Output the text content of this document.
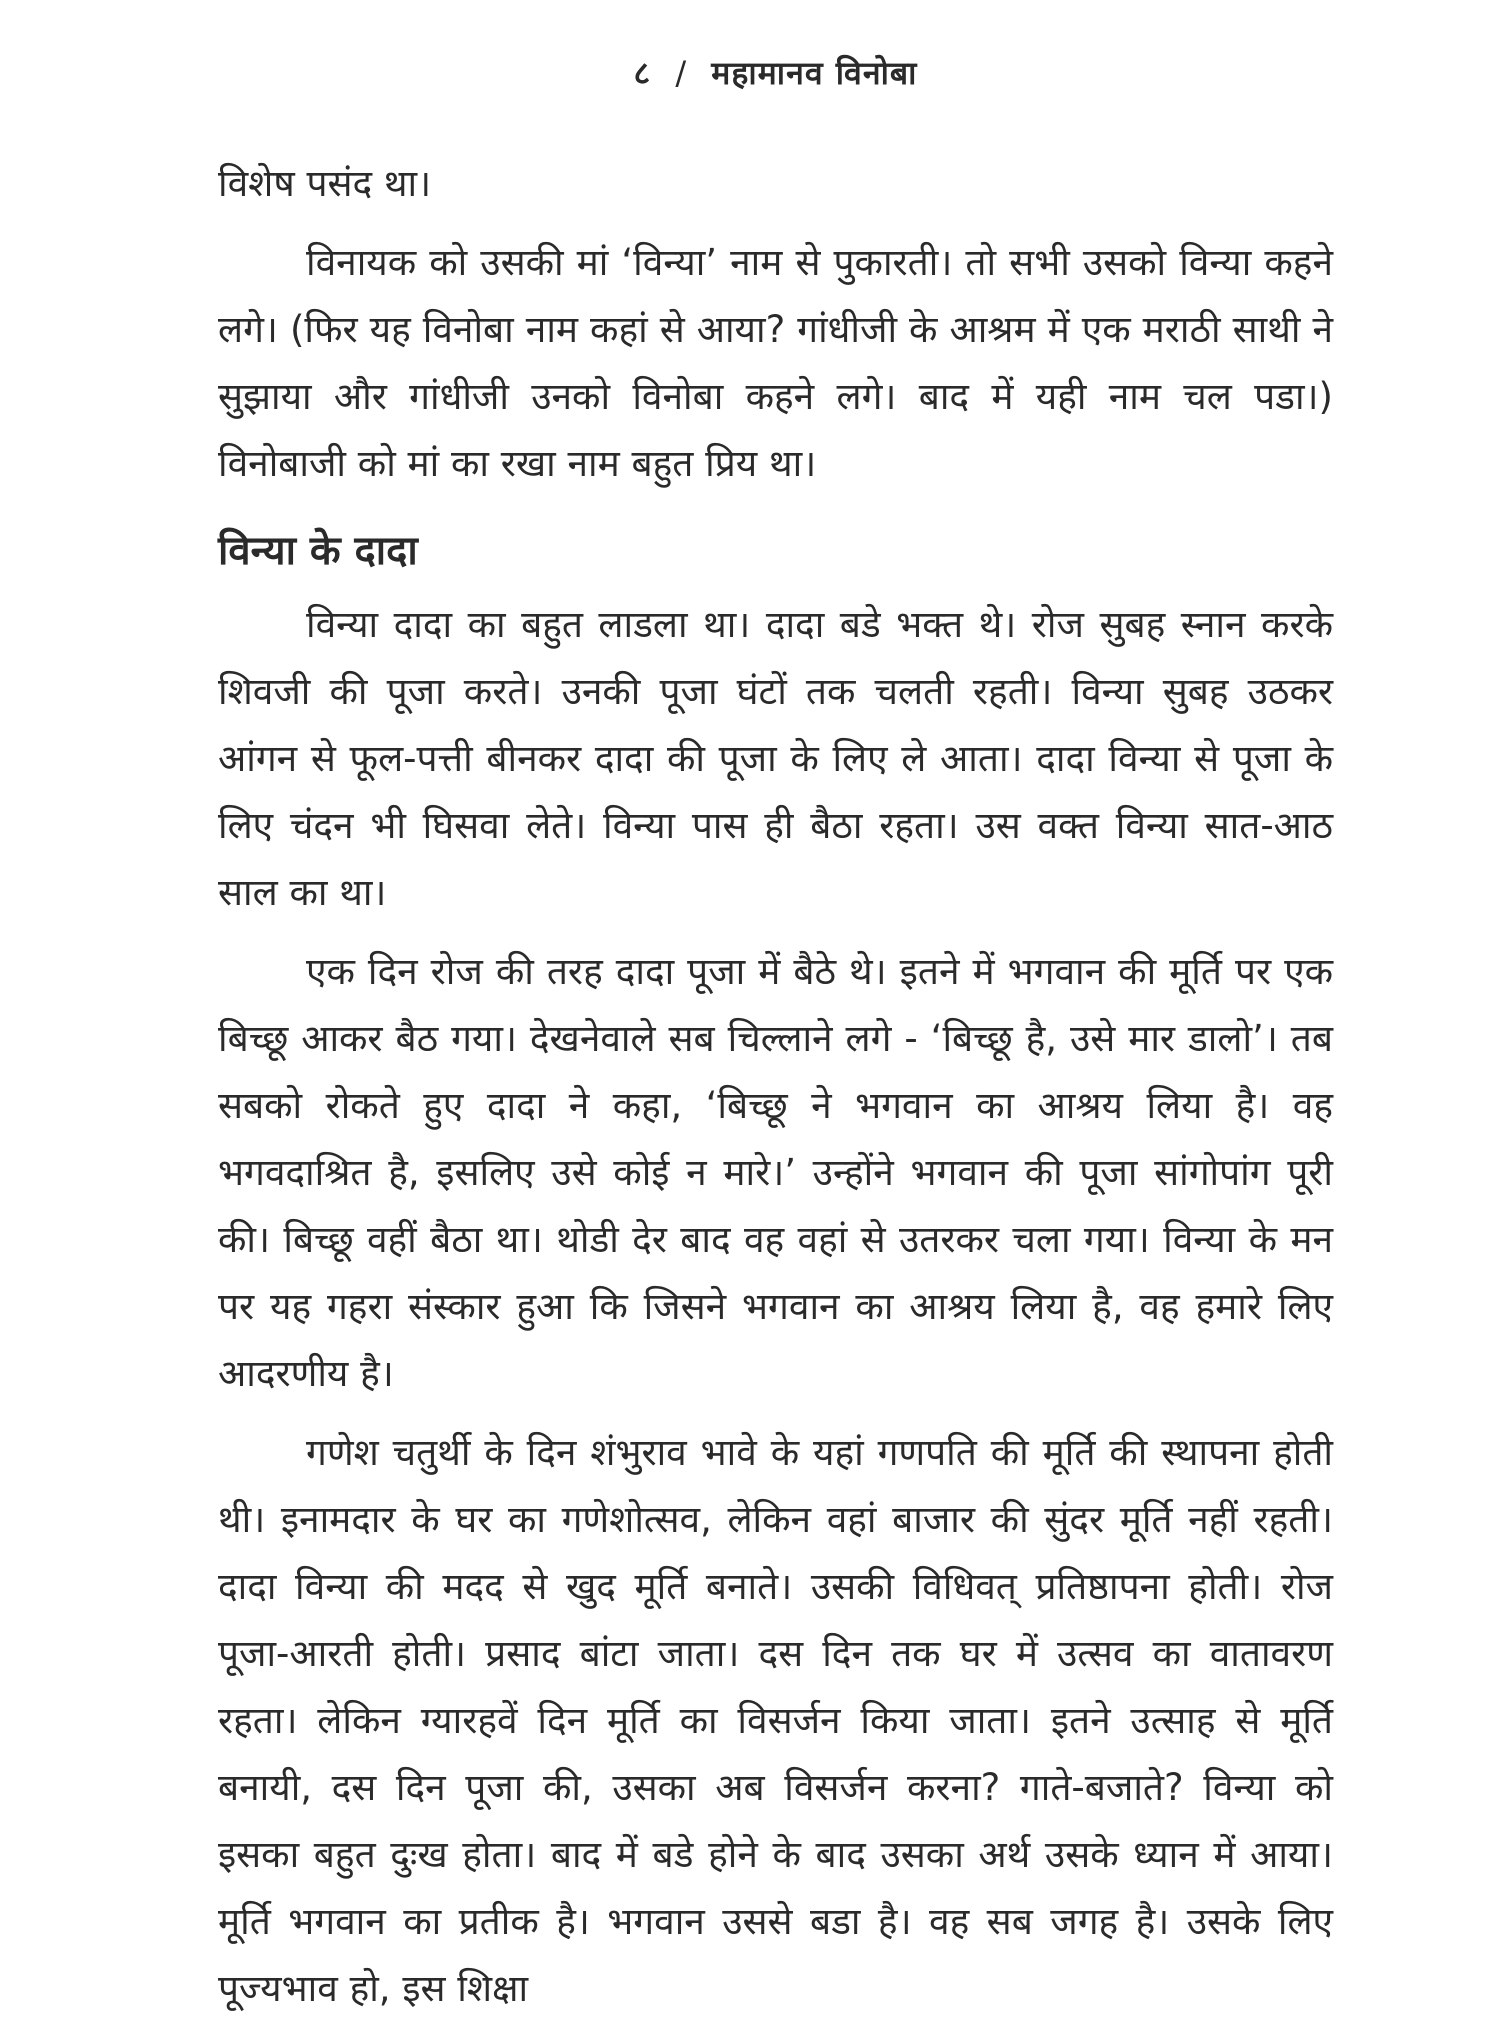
८ / महामानव विनोबा

विशेष पसंद था।

विनायक को उसकी मां ‘विन्या’ नाम से पुकारती। तो सभी उसको विन्या कहने लगे। (फिर यह विनोबा नाम कहां से आया? गांधीजी के आश्रम में एक मराठी साथी ने सुझाया और गांधीजी उनको विनोबा कहने लगे। बाद में यही नाम चल पडा।) विनोबाजी को मां का रखा नाम बहुत प्रिय था।

विन्या के दादा

विन्या दादा का बहुत लाडला था। दादा बडे भक्त थे। रोज सुबह स्नान करके शिवजी की पूजा करते। उनकी पूजा घंटों तक चलती रहती। विन्या सुबह उठकर आंगन से फूल-पत्ती बीनकर दादा की पूजा के लिए ले आता। दादा विन्या से पूजा के लिए चंदन भी घिसवा लेते। विन्या पास ही बैठा रहता। उस वक्त विन्या सात-आठ साल का था।

एक दिन रोज की तरह दादा पूजा में बैठे थे। इतने में भगवान की मूर्ति पर एक बिच्छू आकर बैठ गया। देखनेवाले सब चिल्लाने लगे - ‘बिच्छू है, उसे मार डालो’। तब सबको रोकते हुए दादा ने कहा, ‘बिच्छू ने भगवान का आश्रय लिया है। वह भगवदाश्रित है, इसलिए उसे कोई न मारे।’ उन्होंने भगवान की पूजा सांगोपांग पूरी की। बिच्छू वहीं बैठा था। थोडी देर बाद वह वहां से उतरकर चला गया। विन्या के मन पर यह गहरा संस्कार हुआ कि जिसने भगवान का आश्रय लिया है, वह हमारे लिए आदरणीय है।

गणेश चतुर्थी के दिन शंभुराव भावे के यहां गणपति की मूर्ति की स्थापना होती थी। इनामदार के घर का गणेशोत्सव, लेकिन वहां बाजार की सुंदर मूर्ति नहीं रहती। दादा विन्या की मदद से खुद मूर्ति बनाते। उसकी विधिवत् प्रतिष्ठापना होती। रोज पूजा-आरती होती। प्रसाद बांटा जाता। दस दिन तक घर में उत्सव का वातावरण रहता। लेकिन ग्यारहवें दिन मूर्ति का विसर्जन किया जाता। इतने उत्साह से मूर्ति बनायी, दस दिन पूजा की, उसका अब विसर्जन करना? गाते-बजाते? विन्या को इसका बहुत दुःख होता। बाद में बडे होने के बाद उसका अर्थ उसके ध्यान में आया। मूर्ति भगवान का प्रतीक है। भगवान उससे बडा है। वह सब जगह है। उसके लिए पूज्यभाव हो, इस शिक्षा
